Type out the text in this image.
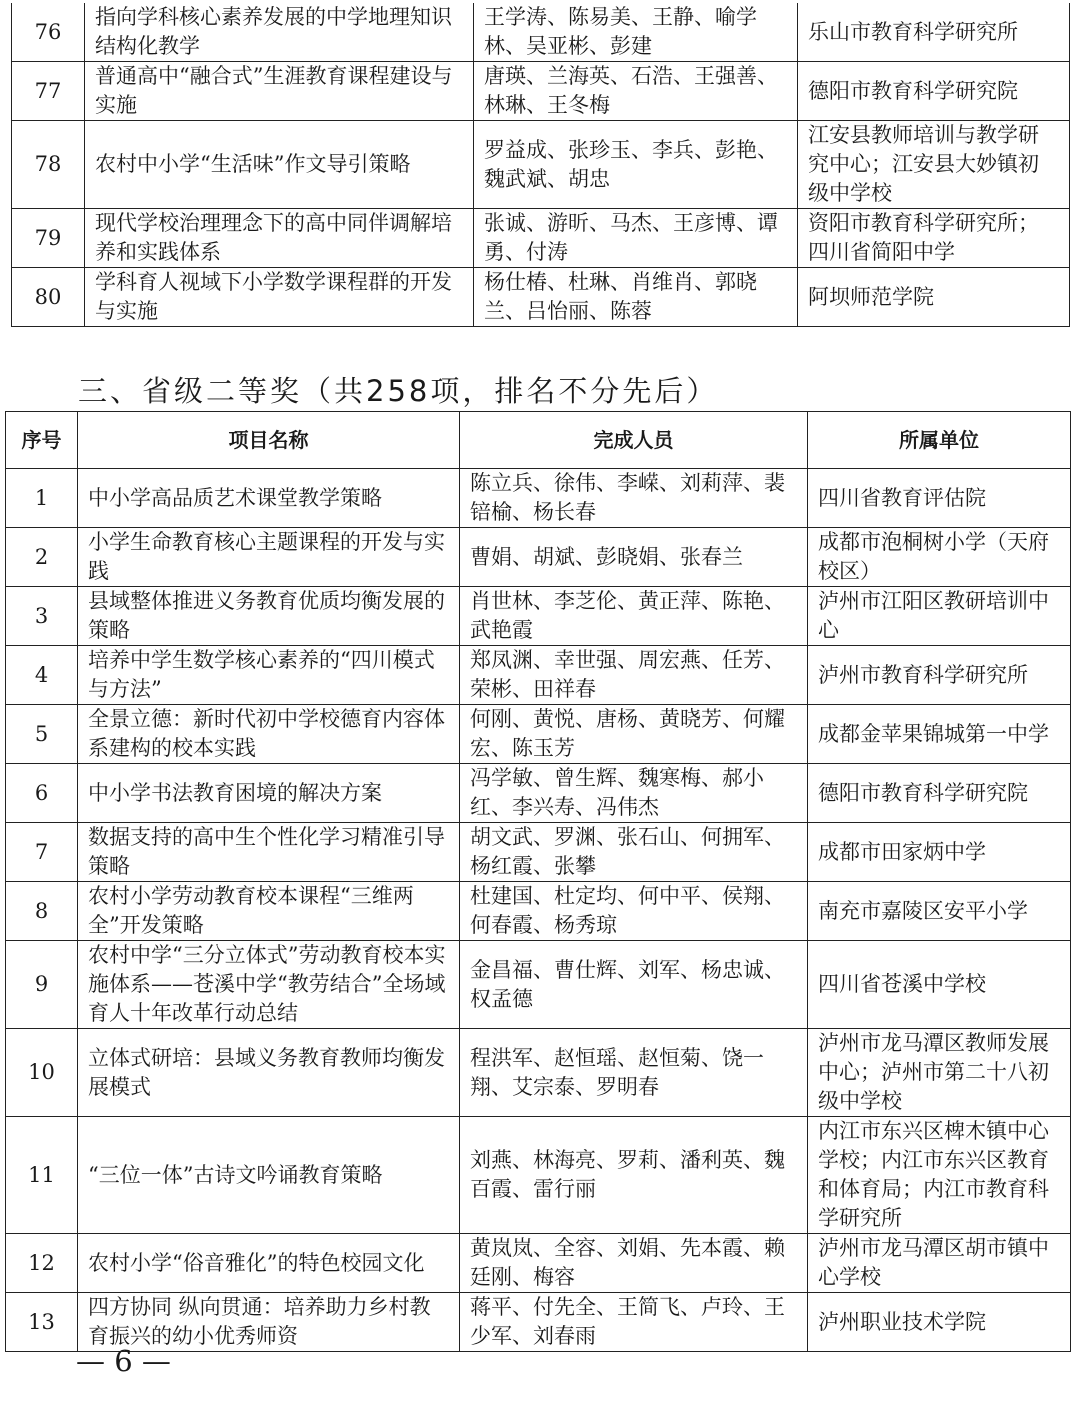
76	指向学科核心素养发展的中学地理知识结构化教学	王学涛、陈易美、王静、喻学林、吴亚彬、彭建	乐山市教育科学研究所
77	普通高中“融合式”生涯教育课程建设与实施	唐瑛、兰海英、石浩、王强善、林琳、王冬梅	德阳市教育科学研究院
78	农村中小学“生活味”作文导引策略	罗益成、张珍玉、李兵、彭艳、魏武斌、胡忠	江安县教师培训与教学研究中心；江安县大妙镇初级中学校
79	现代学校治理理念下的高中同伴调解培养和实践体系	张诚、游昕、马杰、王彦博、谭勇、付涛	资阳市教育科学研究所；四川省简阳中学
80	学科育人视域下小学数学课程群的开发与实施	杨仕椿、杜琳、肖维肖、郭晓兰、吕怡丽、陈蓉	阿坝师范学院
三、省级二等奖（共258项，排名不分先后）
序号	项目名称	完成人员	所属单位
1	中小学高品质艺术课堂教学策略	陈立兵、徐伟、李嵘、刘莉萍、裴锫榆、杨长春	四川省教育评估院
2	小学生命教育核心主题课程的开发与实践	曹娟、胡斌、彭晓娟、张春兰	成都市泡桐树小学（天府校区）
3	县域整体推进义务教育优质均衡发展的策略	肖世林、李芝伦、黄正萍、陈艳、武艳霞	泸州市江阳区教研培训中心
4	培养中学生数学核心素养的“四川模式与方法”	郑凤渊、幸世强、周宏燕、任芳、荣彬、田祥春	泸州市教育科学研究所
5	全景立德：新时代初中学校德育内容体系建构的校本实践	何刚、黄悦、唐杨、黄晓芳、何耀宏、陈玉芳	成都金苹果锦城第一中学
6	中小学书法教育困境的解决方案	冯学敏、曾生辉、魏寒梅、郝小红、李兴寿、冯伟杰	德阳市教育科学研究院
7	数据支持的高中生个性化学习精准引导策略	胡文武、罗渊、张石山、何拥军、杨红霞、张攀	成都市田家炳中学
8	农村小学劳动教育校本课程“三维两全”开发策略	杜建国、杜定均、何中平、侯翔、何春霞、杨秀琼	南充市嘉陵区安平小学
9	农村中学“三分立体式”劳动教育校本实施体系——苍溪中学“教劳结合”全场域育人十年改革行动总结	金昌福、曹仕辉、刘军、杨忠诚、权孟德	四川省苍溪中学校
10	立体式研培：县域义务教育教师均衡发展模式	程洪军、赵恒瑶、赵恒菊、饶一翔、艾宗泰、罗明春	泸州市龙马潭区教师发展中心；泸州市第二十八初级中学校
11	“三位一体”古诗文吟诵教育策略	刘燕、林海亮、罗莉、潘利英、魏百霞、雷行丽	内江市东兴区椑木镇中心学校；内江市东兴区教育和体育局；内江市教育科学研究所
12	农村小学“俗音雅化”的特色校园文化	黄岚岚、全容、刘娟、先本霞、赖廷刚、梅容	泸州市龙马潭区胡市镇中心学校
13	四方协同 纵向贯通：培养助力乡村教育振兴的幼小优秀师资	蒋平、付先全、王简飞、卢玲、王少军、刘春雨	泸州职业技术学院
— 6 —
